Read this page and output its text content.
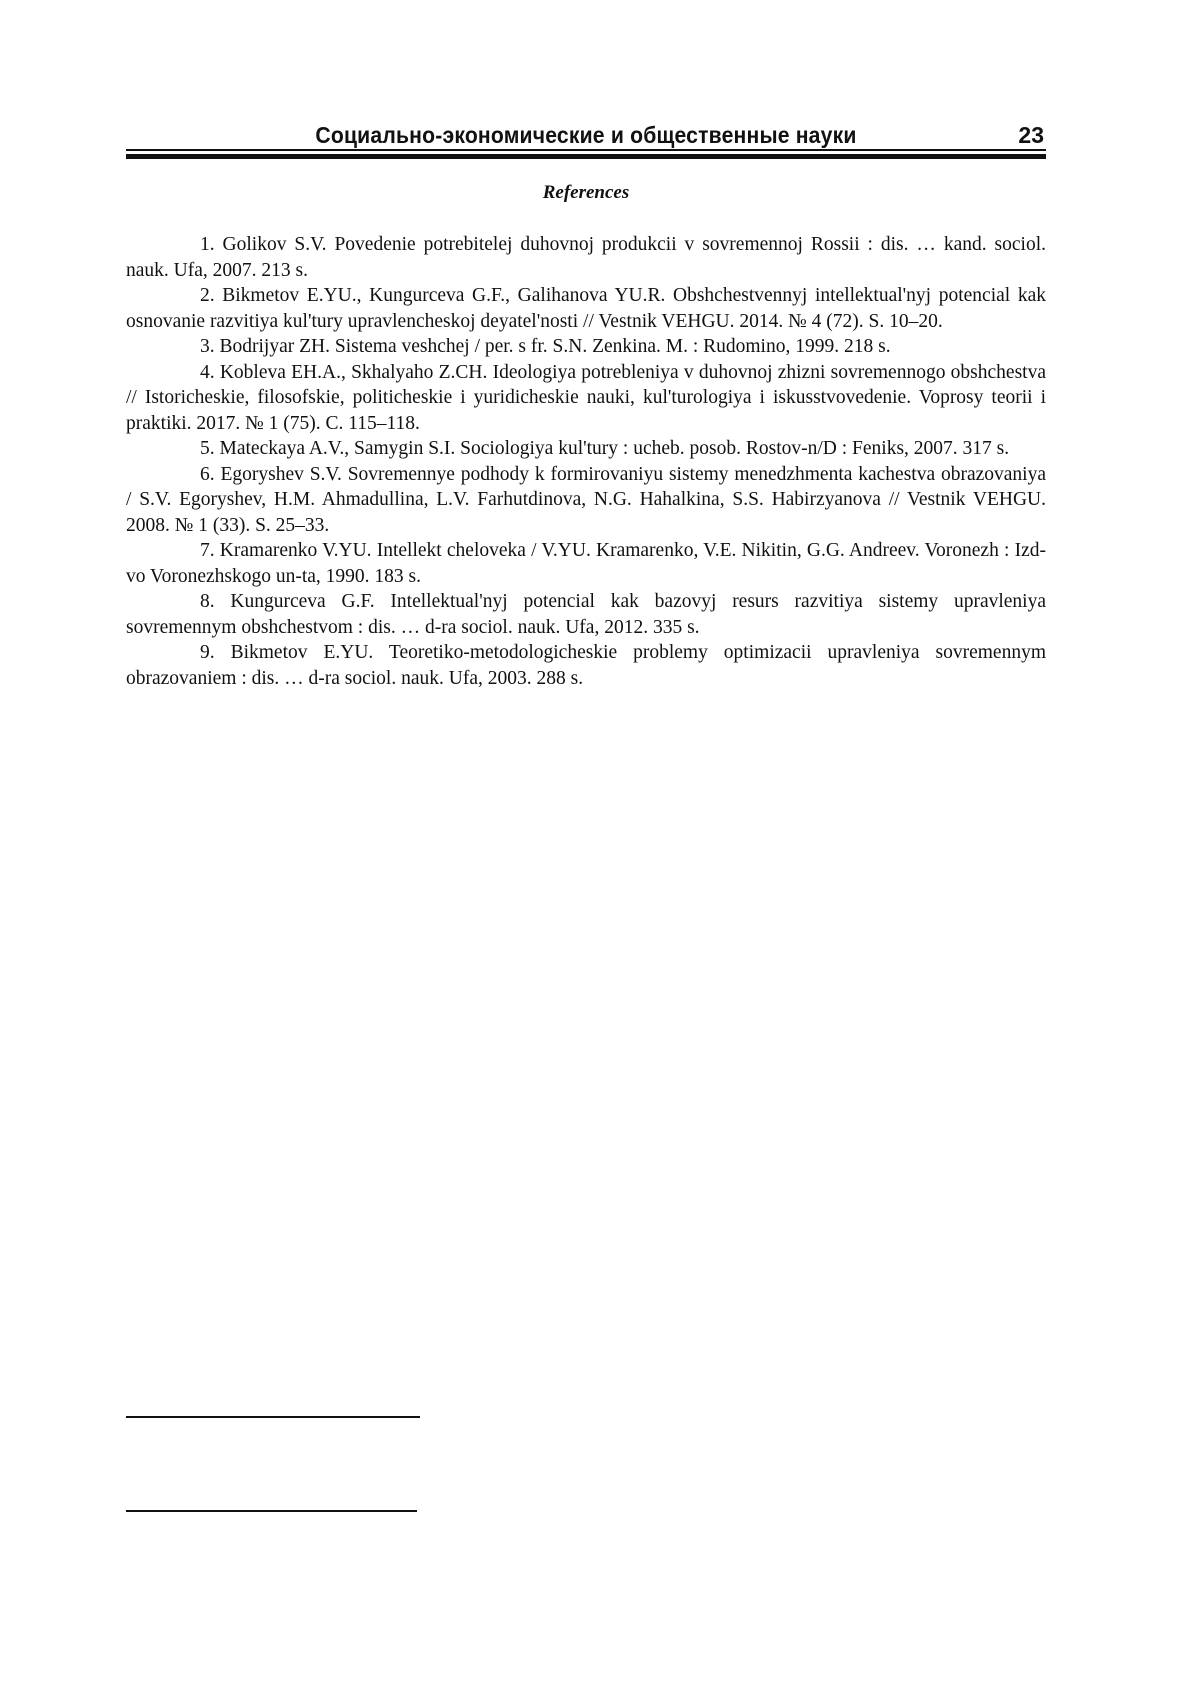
Социально-экономические и общественные науки	23
References
1. Golikov S.V. Povedenie potrebitelej duhovnoj produkcii v sovremennoj Rossii : dis. … kand. sociol. nauk. Ufa, 2007. 213 s.
2. Bikmetov E.YU., Kungurceva G.F., Galihanova YU.R. Obshchestvennyj intellektual'nyj potencial kak osnovanie razvitiya kul'tury upravlencheskoj deyatel'nosti // Vestnik VEHGU. 2014. № 4 (72). S. 10–20.
3. Bodrijyar ZH. Sistema veshchej / per. s fr. S.N. Zenkina. M. : Rudomino, 1999. 218 s.
4. Kobleva EH.A., Skhalyaho Z.CH. Ideologiya potrebleniya v duhovnoj zhizni sovremennogo obshchestva // Istoricheskie, filosofskie, politicheskie i yuridicheskie nauki, kul'turologiya i iskusstvovedenie. Voprosy teorii i praktiki. 2017. № 1 (75). C. 115–118.
5. Mateckaya A.V., Samygin S.I. Sociologiya kul'tury : ucheb. posob. Rostov-n/D : Feniks, 2007. 317 s.
6. Egoryshev S.V. Sovremennye podhody k formirovaniyu sistemy menedzhmenta kachestva obrazovaniya / S.V. Egoryshev, H.M. Ahmadullina, L.V. Farhutdinova, N.G. Hahalkina, S.S. Habirzyanova // Vestnik VEHGU. 2008. № 1 (33). S. 25–33.
7. Kramarenko V.YU. Intellekt cheloveka / V.YU. Kramarenko, V.E. Nikitin, G.G. Andreev. Voronezh : Izd-vo Voronezhskogo un-ta, 1990. 183 s.
8. Kungurceva G.F. Intellektual'nyj potencial kak bazovyj resurs razvitiya sistemy upravleniya sovremennym obshchestvom : dis. … d-ra sociol. nauk. Ufa, 2012. 335 s.
9. Bikmetov E.YU. Teoretiko-metodologicheskie problemy optimizacii upravleniya sovremennym obrazovaniem : dis. … d-ra sociol. nauk. Ufa, 2003. 288 s.
